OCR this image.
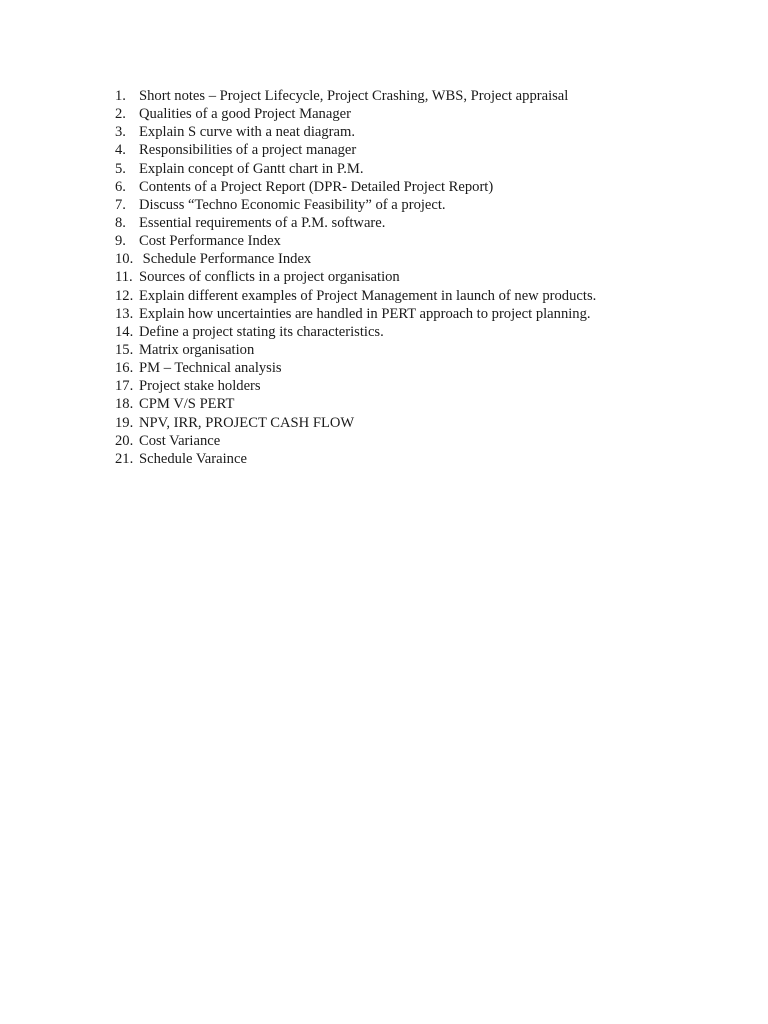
1. Short notes – Project Lifecycle, Project Crashing, WBS, Project appraisal
2. Qualities of a good Project Manager
3. Explain S curve with a neat diagram.
4. Responsibilities of a project manager
5. Explain concept of Gantt chart in P.M.
6. Contents of a Project Report (DPR- Detailed Project Report)
7. Discuss “Techno Economic Feasibility” of a project.
8. Essential requirements of a P.M. software.
9. Cost Performance Index
10. Schedule Performance Index
11. Sources of conflicts in a project organisation
12. Explain different examples of Project Management in launch of new products.
13. Explain how uncertainties are handled in PERT approach to project planning.
14. Define a project stating its characteristics.
15. Matrix organisation
16. PM – Technical analysis
17. Project stake holders
18. CPM V/S PERT
19. NPV, IRR, PROJECT CASH FLOW
20. Cost Variance
21. Schedule Varaince
